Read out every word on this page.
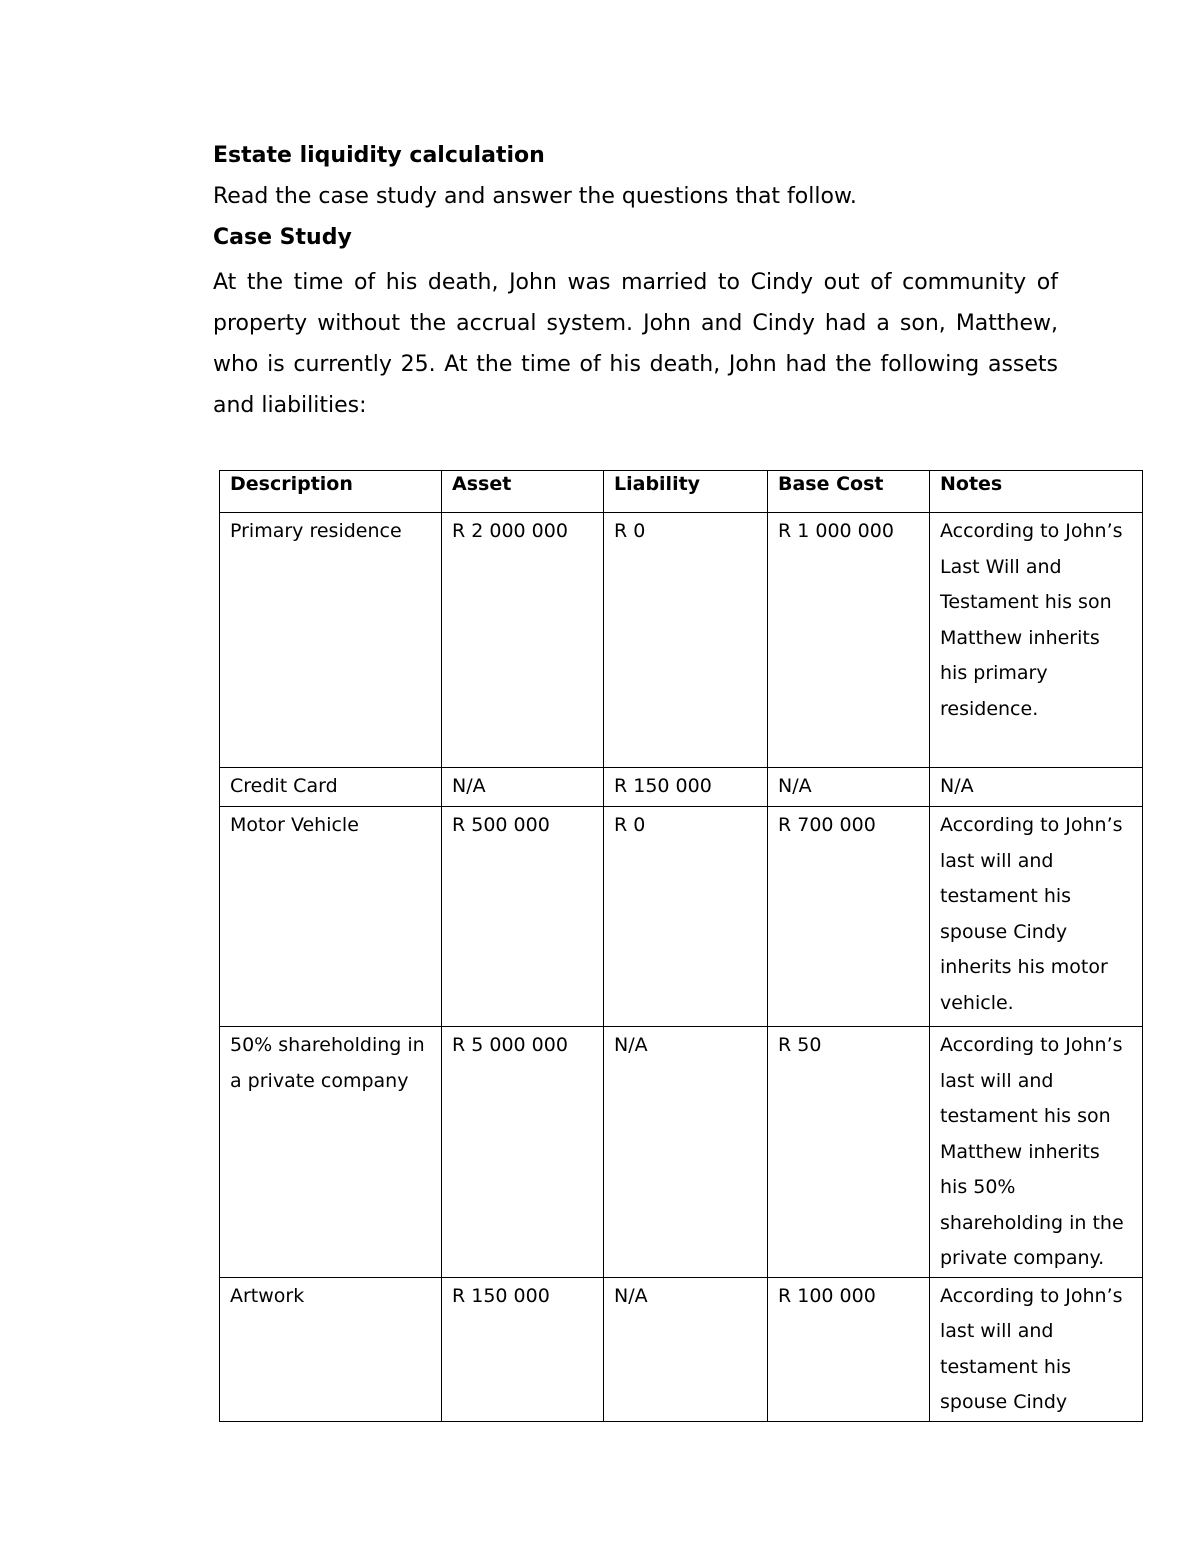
Estate liquidity calculation

Read the case study and answer the questions that follow.

Case Study

At the time of his death, John was married to Cindy out of community of property without the accrual system. John and Cindy had a son, Matthew, who is currently 25. At the time of his death, John had the following assets and liabilities:

Description	Asset	Liability	Base Cost	Notes
Primary residence	R 2 000 000	R 0	R 1 000 000	According to John’s Last Will and Testament his son Matthew inherits his primary residence.
Credit Card	N/A	R 150 000	N/A	N/A
Motor Vehicle	R 500 000	R 0	R 700 000	According to John’s last will and testament his spouse Cindy inherits his motor vehicle.
50% shareholding in a private company	R 5 000 000	N/A	R 50	According to John’s last will and testament his son Matthew inherits his 50% shareholding in the private company.
Artwork	R 150 000	N/A	R 100 000	According to John’s last will and testament his spouse Cindy
